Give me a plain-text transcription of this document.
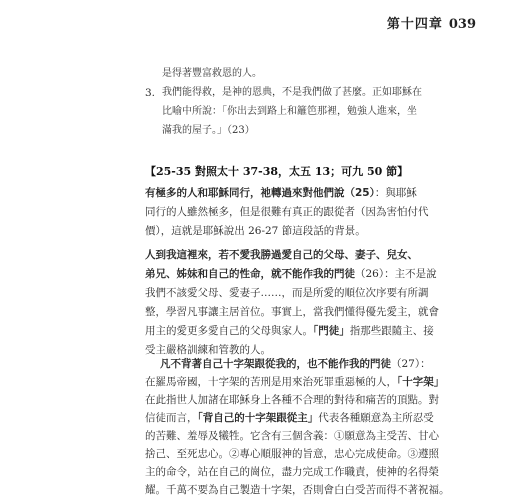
第十四章 039
是得著豐富救恩的人。
3. 我們能得救，是神的恩典，不是我們做了甚麼。正如耶穌在
比喻中所說：「你出去到路上和籬笆那裡，勉強人進來，坐
滿我的屋子。」（23）
【25-35 對照太十 37-38，太五 13；可九 50 節】
有極多的人和耶穌同行，祂轉過來對他們說（25）：與耶穌
同行的人雖然極多，但是很難有真正的跟從者（因為害怕付代
價），這就是耶穌說出 26-27 節這段話的背景。
人到我這裡來，若不愛我勝過愛自己的父母、妻子、兒女、
弟兄、姊妹和自己的性命，就不能作我的門徒（26）：主不是說
我們不該愛父母、愛妻子……，而是所愛的順位次序要有所調
整，學習凡事讓主居首位。事實上，當我們懂得優先愛主，就會
用主的愛更多愛自己的父母與家人。「門徒」指那些跟隨主、接
受主嚴格訓練和管教的人。
凡不背著自己十字架跟從我的，也不能作我的門徒（27）：
在羅馬帝國，十字架的苦刑是用來治死罪重惡極的人，「十字架」
在此指世人加諸在耶穌身上各種不合理的對待和痛苦的頂點。對
信徒而言，「背自己的十字架跟從主」代表各種願意為主所忍受
的苦難、羞辱及犧牲。它含有三個含義：①願意為主受苦、甘心
捨己、至死忠心。②專心順服神的旨意，忠心完成使命。③遵照
主的命令，站在自己的崗位，盡力完成工作職責，使神的名得榮
耀。千萬不要為自己製造十字架，否則會白白受苦而得不著祝福。
